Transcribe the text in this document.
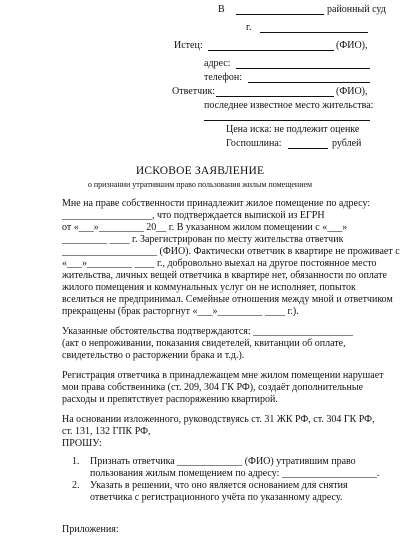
В	районный суд
г.
Истец:	(ФИО),
адрес:
телефон:
Ответчик:	(ФИО),
последнее известное место жительства:
Цена иска: не подлежит оценке
Госпошлина:	рублей
ИСКОВОЕ ЗАЯВЛЕНИЕ
о признании утратившим право пользования жилым помещением
Мне на праве собственности принадлежит жилое помещение по адресу:
__________________, что подтверждается выпиской из ЕГРН
от «___»_________ 20__ г. В указанном жилом помещении с «___»
_________ ____ г. Зарегистрирован по месту жительства ответчик
___________________ (ФИО). Фактически ответчик в квартире не проживает с
«___»_________ ____ г., добровольно выехал на другое постоянное место
жительства, личных вещей ответчика в квартире нет, обязанности по оплате
жилого помещения и коммунальных услуг он не исполняет, попыток
вселиться не предпринимал. Семейные отношения между мной и ответчиком
прекращены (брак расторгнут «___»_________ ____ г.).
Указанные обстоятельства подтверждаются: ____________________
(акт о непроживании, показания свидетелей, квитанции об оплате,
свидетельство о расторжении брака и т.д.).
Регистрация ответчика в принадлежащем мне жилом помещении нарушает
мои права собственника (ст. 209, 304 ГК РФ), создаёт дополнительные
расходы и препятствует распоряжению квартирой.
На основании изложенного, руководствуясь ст. 31 ЖК РФ, ст. 304 ГК РФ,
ст. 131, 132 ГПК РФ,
ПРОШУ:
1. Признать ответчика _____________ (ФИО) утратившим право
пользования жилым помещением по адресу: ___________________.
2. Указать в решении, что оно является основанием для снятия
ответчика с регистрационного учёта по указанному адресу.
Приложения:
